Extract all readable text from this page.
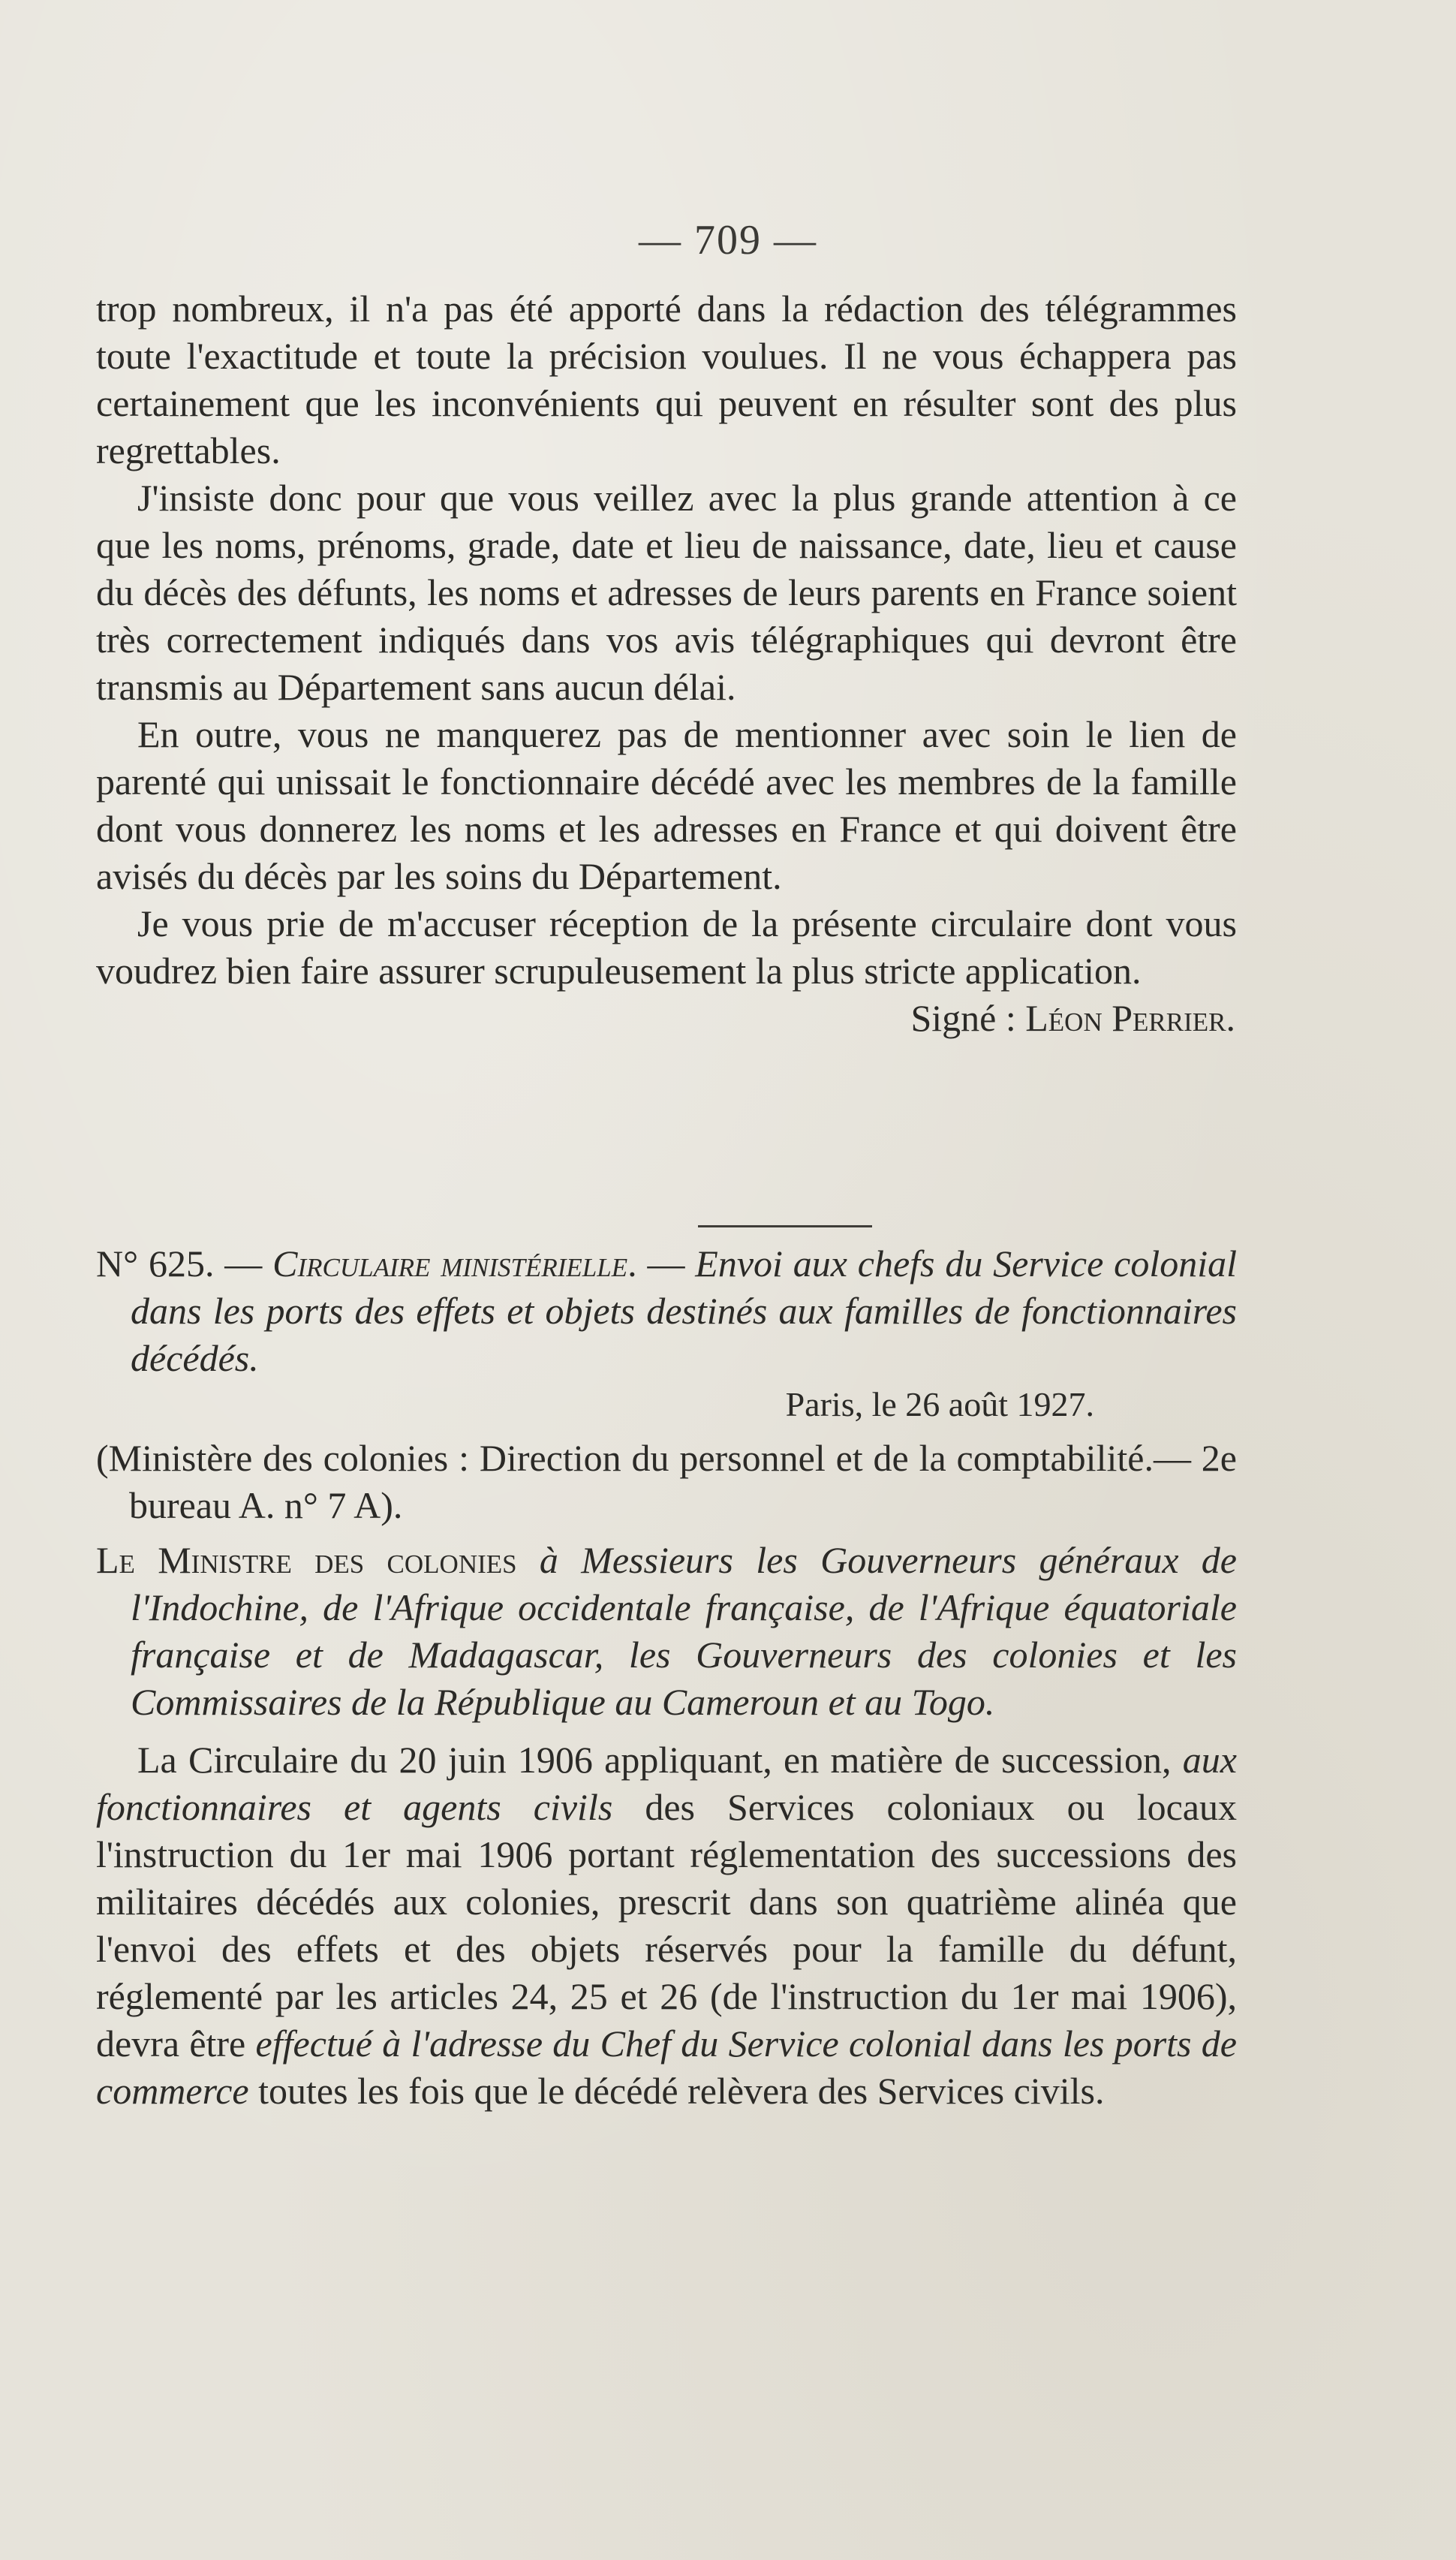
— 709 —

trop nombreux, il n'a pas été apporté dans la rédaction des télégrammes toute l'exactitude et toute la précision voulues. Il ne vous échappera pas certainement que les inconvénients qui peuvent en résulter sont des plus regrettables.

J'insiste donc pour que vous veillez avec la plus grande attention à ce que les noms, prénoms, grade, date et lieu de naissance, date, lieu et cause du décès des défunts, les noms et adresses de leurs parents en France soient très correctement indiqués dans vos avis télégraphiques qui devront être transmis au Département sans aucun délai.

En outre, vous ne manquerez pas de mentionner avec soin le lien de parenté qui unissait le fonctionnaire décédé avec les membres de la famille dont vous donnerez les noms et les adresses en France et qui doivent être avisés du décès par les soins du Département.

Je vous prie de m'accuser réception de la présente circulaire dont vous voudrez bien faire assurer scrupuleusement la plus stricte application.

Signé : Léon Perrier.
N° 625. — Circulaire ministérielle. — Envoi aux chefs du Service colonial dans les ports des effets et objets destinés aux familles de fonctionnaires décédés.
Paris, le 26 août 1927.
(Ministère des colonies : Direction du personnel et de la comptabilité.— 2e bureau A. n° 7 A).
Le Ministre des colonies à Messieurs les Gouverneurs généraux de l'Indochine, de l'Afrique occidentale française, de l'Afrique équatoriale française et de Madagascar, les Gouverneurs des colonies et les Commissaires de la République au Cameroun et au Togo.

La Circulaire du 20 juin 1906 appliquant, en matière de succession, aux fonctionnaires et agents civils des Services coloniaux ou locaux l'instruction du 1er mai 1906 portant réglementation des successions des militaires décédés aux colonies, prescrit dans son quatrième alinéa que l'envoi des effets et des objets réservés pour la famille du défunt, réglementé par les articles 24, 25 et 26 (de l'instruction du 1er mai 1906), devra être effectué à l'adresse du Chef du Service colonial dans les ports de commerce toutes les fois que le décédé relèvera des Services civils.
